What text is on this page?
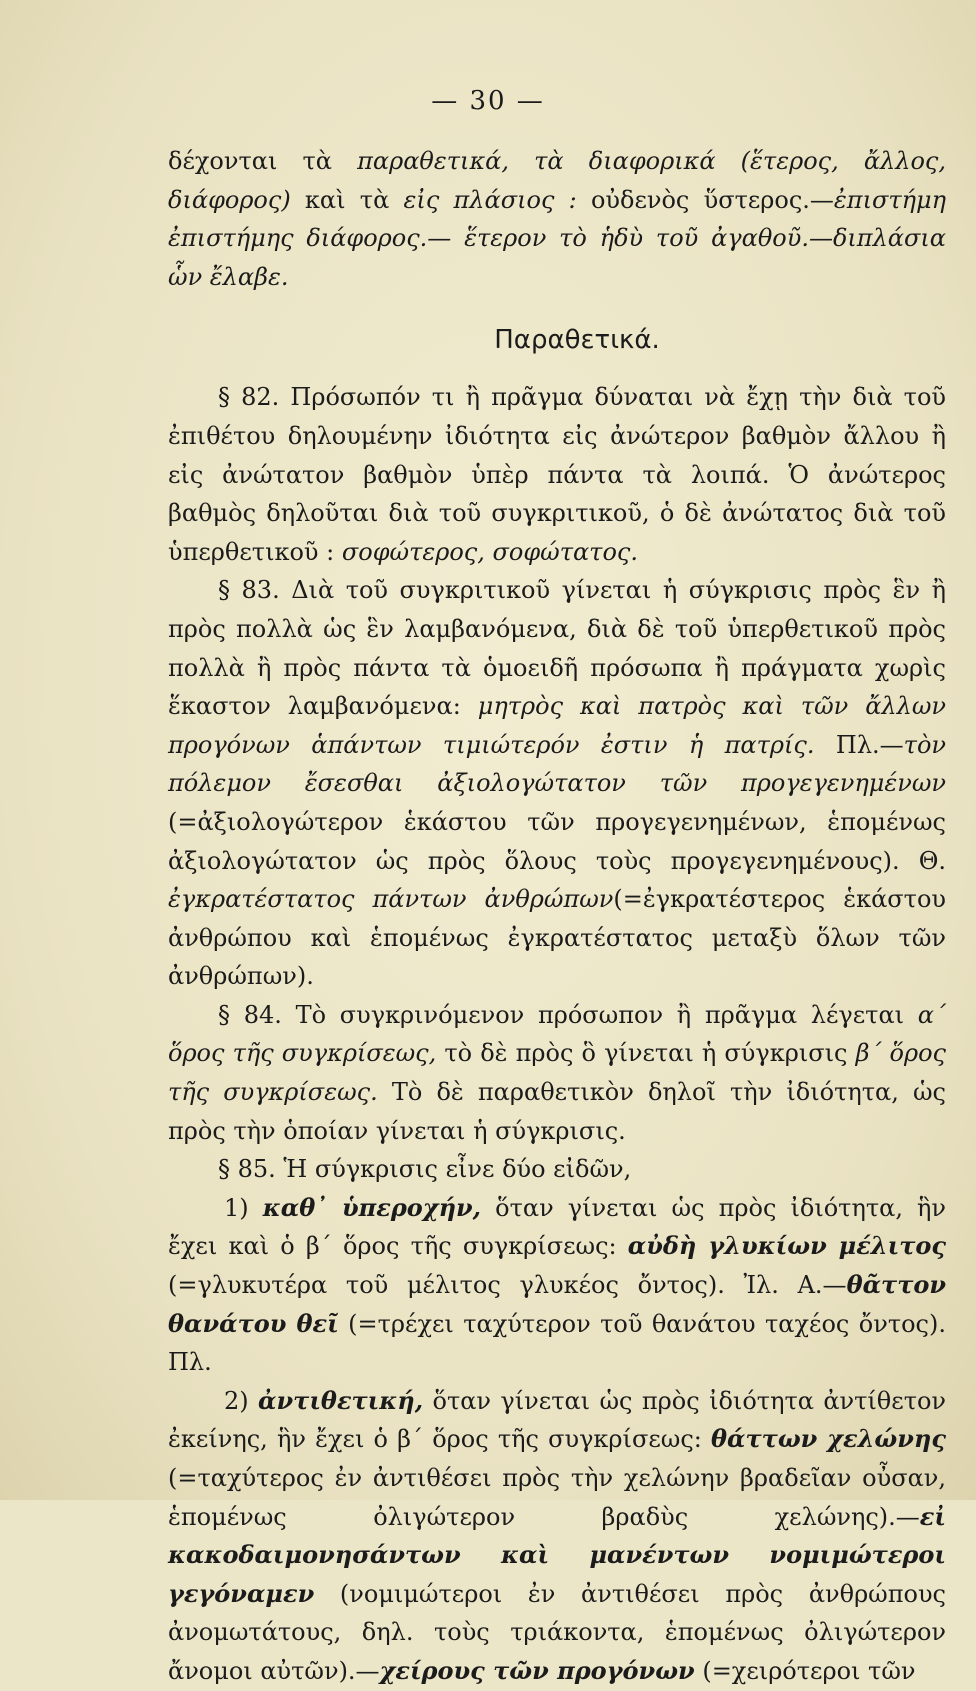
— 30 —

δέχονται τὰ παραθετικά, τὰ διαφορικά (ἕτερος, ἄλλος, διάφορος) καὶ τὰ εἰς πλάσιος : οὐδενὸς ὕστερος.—ἐπιστήμη ἐπιστήμης διάφορος.— ἕτερον τὸ ἡδὺ τοῦ ἀγαθοῦ.—διπλάσια ὧν ἔλαβε.

Παραθετικά.

§ 82. Πρόσωπόν τι ἢ πρᾶγμα δύναται νὰ ἔχῃ τὴν διὰ τοῦ ἐπιθέτου δηλουμένην ἰδιότητα εἰς ἀνώτερον βαθμὸν ἄλλου ἢ εἰς ἀνώτατον βαθμὸν ὑπὲρ πάντα τὰ λοιπά. Ὁ ἀνώτερος βαθμὸς δηλοῦται διὰ τοῦ συγκριτικοῦ, ὁ δὲ ἀνώτατος διὰ τοῦ ὑπερθετικοῦ : σοφώτερος, σοφώτατος.

§ 83. Διὰ τοῦ συγκριτικοῦ γίνεται ἡ σύγκρισις πρὸς ἓν ἢ πρὸς πολλὰ ὡς ἓν λαμβανόμενα, διὰ δὲ τοῦ ὑπερθετικοῦ πρὸς πολλὰ ἢ πρὸς πάντα τὰ ὁμοειδῆ πρόσωπα ἢ πράγματα χωρὶς ἕκαστον λαμβανόμενα: μητρὸς καὶ πατρὸς καὶ τῶν ἄλλων προγόνων ἁπάντων τιμιώτερόν ἐστιν ἡ πατρίς. Πλ.—τὸν πόλεμον ἔσεσθαι ἀξιολογώτατον τῶν προγεγενημένων (=ἀξιολογώτερον ἑκάστου τῶν προγεγενημένων, ἑπομένως ἀξιολογώτατον ὡς πρὸς ὅλους τοὺς προγεγενημένους). Θ. ἐγκρατέστατος πάντων ἀνθρώπων(=ἐγκρατέστερος ἑκάστου ἀνθρώπου καὶ ἑπομένως ἐγκρατέστατος μεταξὺ ὅλων τῶν ἀνθρώπων).

§ 84. Τὸ συγκρινόμενον πρόσωπον ἢ πρᾶγμα λέγεται α΄ ὅρος τῆς συγκρίσεως, τὸ δὲ πρὸς ὃ γίνεται ἡ σύγκρισις β΄ ὅρος τῆς συγκρίσεως. Τὸ δὲ παραθετικὸν δηλοῖ τὴν ἰδιότητα, ὡς πρὸς τὴν ὁποίαν γίνεται ἡ σύγκρισις.

§ 85. Ἡ σύγκρισις εἶνε δύο εἰδῶν,

1) καθ᾽ ὑπεροχήν, ὅταν γίνεται ὡς πρὸς ἰδιότητα, ἣν ἔχει καὶ ὁ β΄ ὅρος τῆς συγκρίσεως: αὐδὴ γλυκίων μέλιτος (=γλυκυτέρα τοῦ μέλιτος γλυκέος ὄντος). Ἰλ. Α.—θᾶττον θανάτου θεῖ (=τρέχει ταχύτερον τοῦ θανάτου ταχέος ὄντος). Πλ.

2) ἀντιθετική, ὅταν γίνεται ὡς πρὸς ἰδιότητα ἀντίθετον ἐκείνης, ἣν ἔχει ὁ β΄ ὅρος τῆς συγκρίσεως: θάττων χελώνης (=ταχύτερος ἐν ἀντιθέσει πρὸς τὴν χελώνην βραδεῖαν οὖσαν, ἑπομένως ὀλιγώτερον βραδὺς χελώνης).—εἰ κακοδαιμονησάντων καὶ μανέντων νομιμώτεροι γεγόναμεν (νομιμώτεροι ἐν ἀντιθέσει πρὸς ἀνθρώπους ἀνομωτάτους, δηλ. τοὺς τριάκοντα, ἑπομένως ὀλιγώτερον ἄνομοι αὐτῶν).—χείρους τῶν προγόνων (=χειρότεροι τῶν
